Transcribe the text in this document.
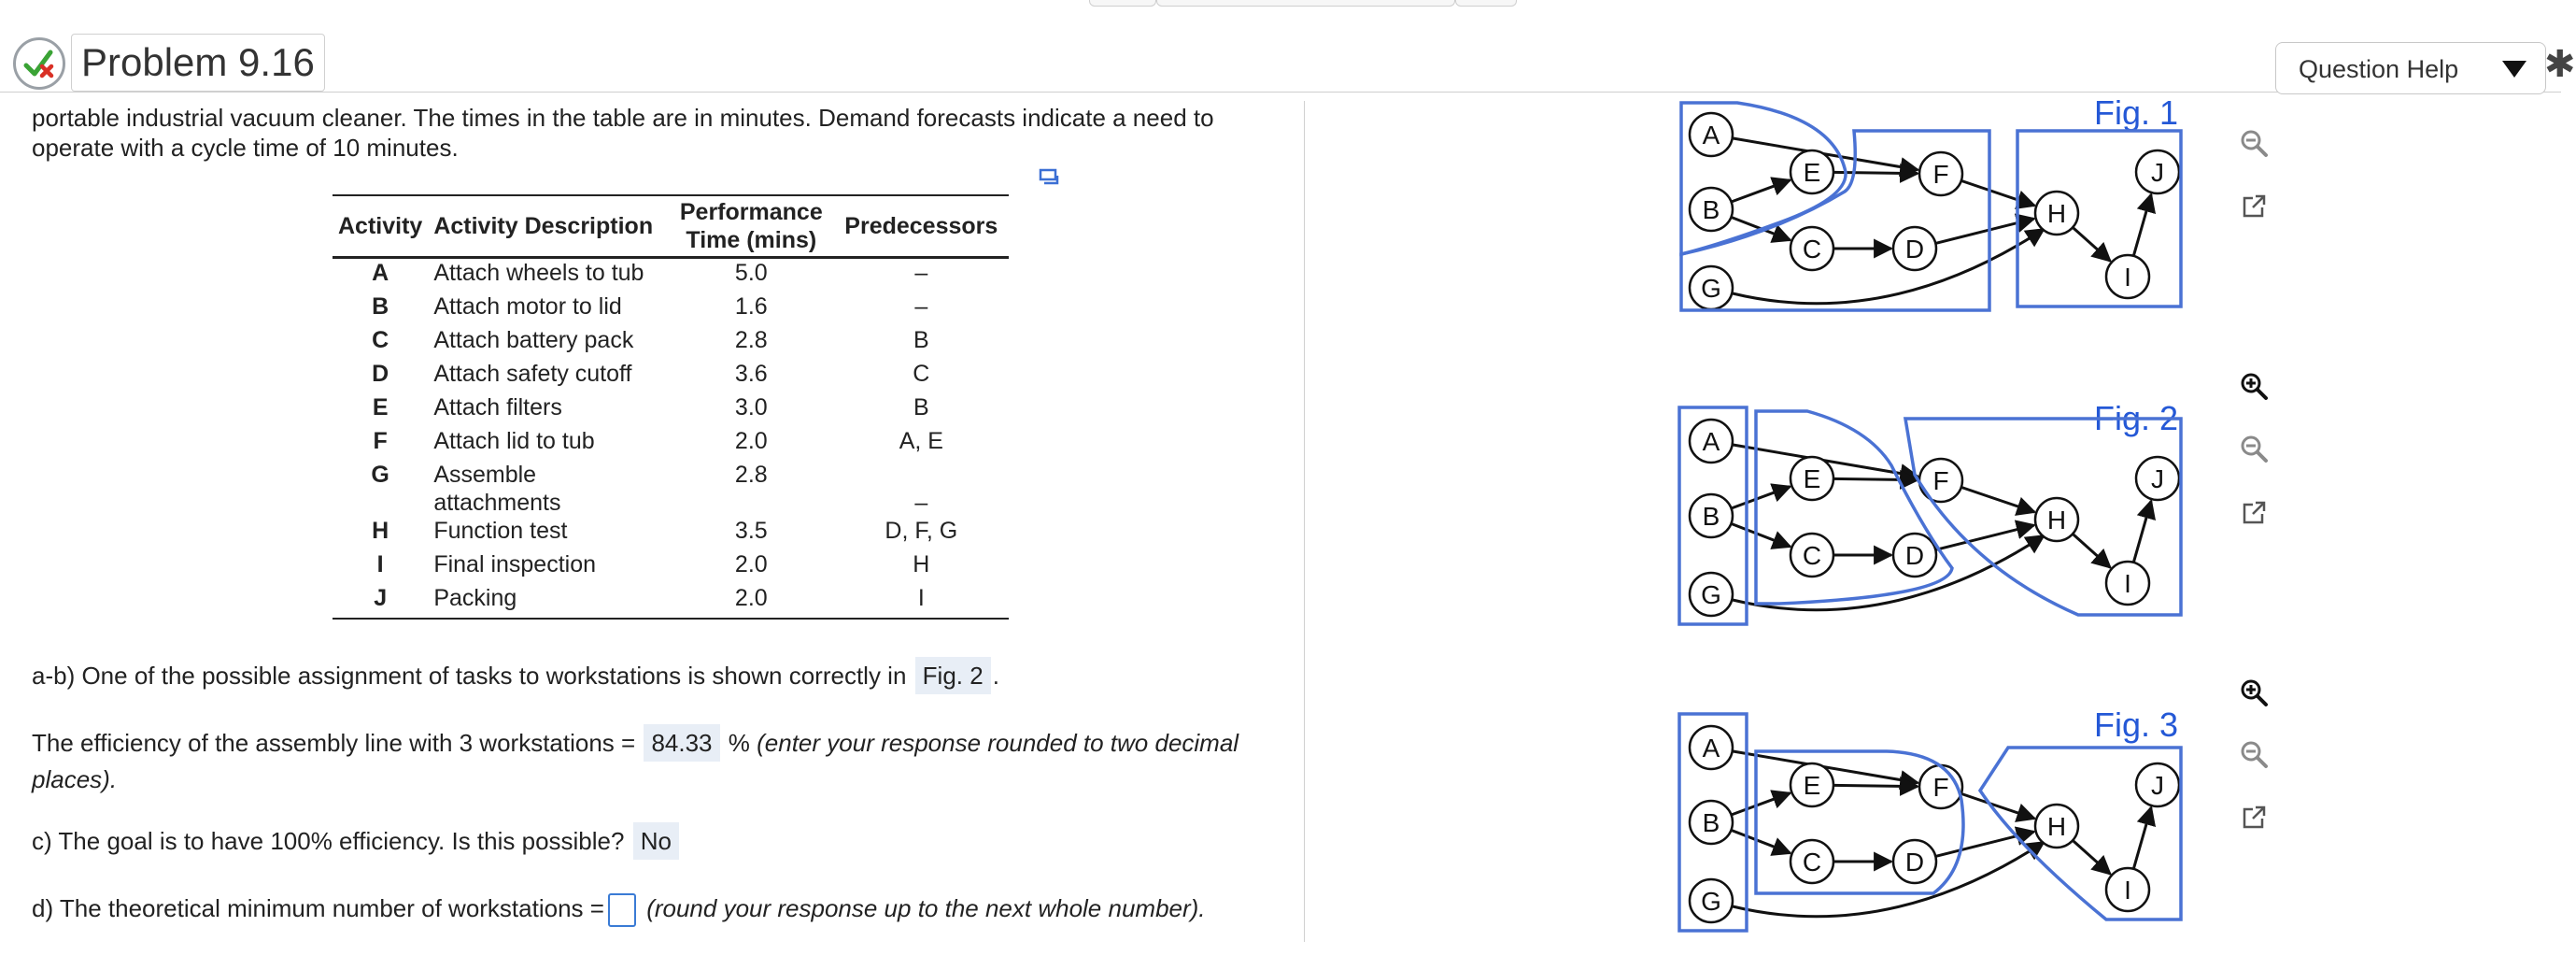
Problem 9.16	Question Help	✱
portable industrial vacuum cleaner. The times in the table are in minutes. Demand forecasts indicate a need to
operate with a cycle time of 10 minutes.
Activity	Activity Description	Performance
Time (mins)	Predecessors
A	Attach wheels to tub	5.0	–
B	Attach motor to lid	1.6	–
C	Attach battery pack	2.8	B
D	Attach safety cutoff	3.6	C
E	Attach filters	3.0	B
F	Attach lid to tub	2.0	A, E
G	Assemble
attachments	2.8	–
H	Function test	3.5	D, F, G
I	Final inspection	2.0	H
J	Packing	2.0	I
a-b) One of the possible assignment of tasks to workstations is shown correctly in Fig. 2 .
The efficiency of the assembly line with 3 workstations = 84.33 % (enter your response rounded to two decimal
places).
c) The goal is to have 100% efficiency. Is this possible? No
d) The theoretical minimum number of workstations = (round your response up to the next whole number).
Fig. 1
Fig. 2
Fig. 3
A
B
C	D
E	F
G
H
I
J
A
B
C	D
E	F
G
H
I
J
A
B
C	D
E	F
G
H
I
J
